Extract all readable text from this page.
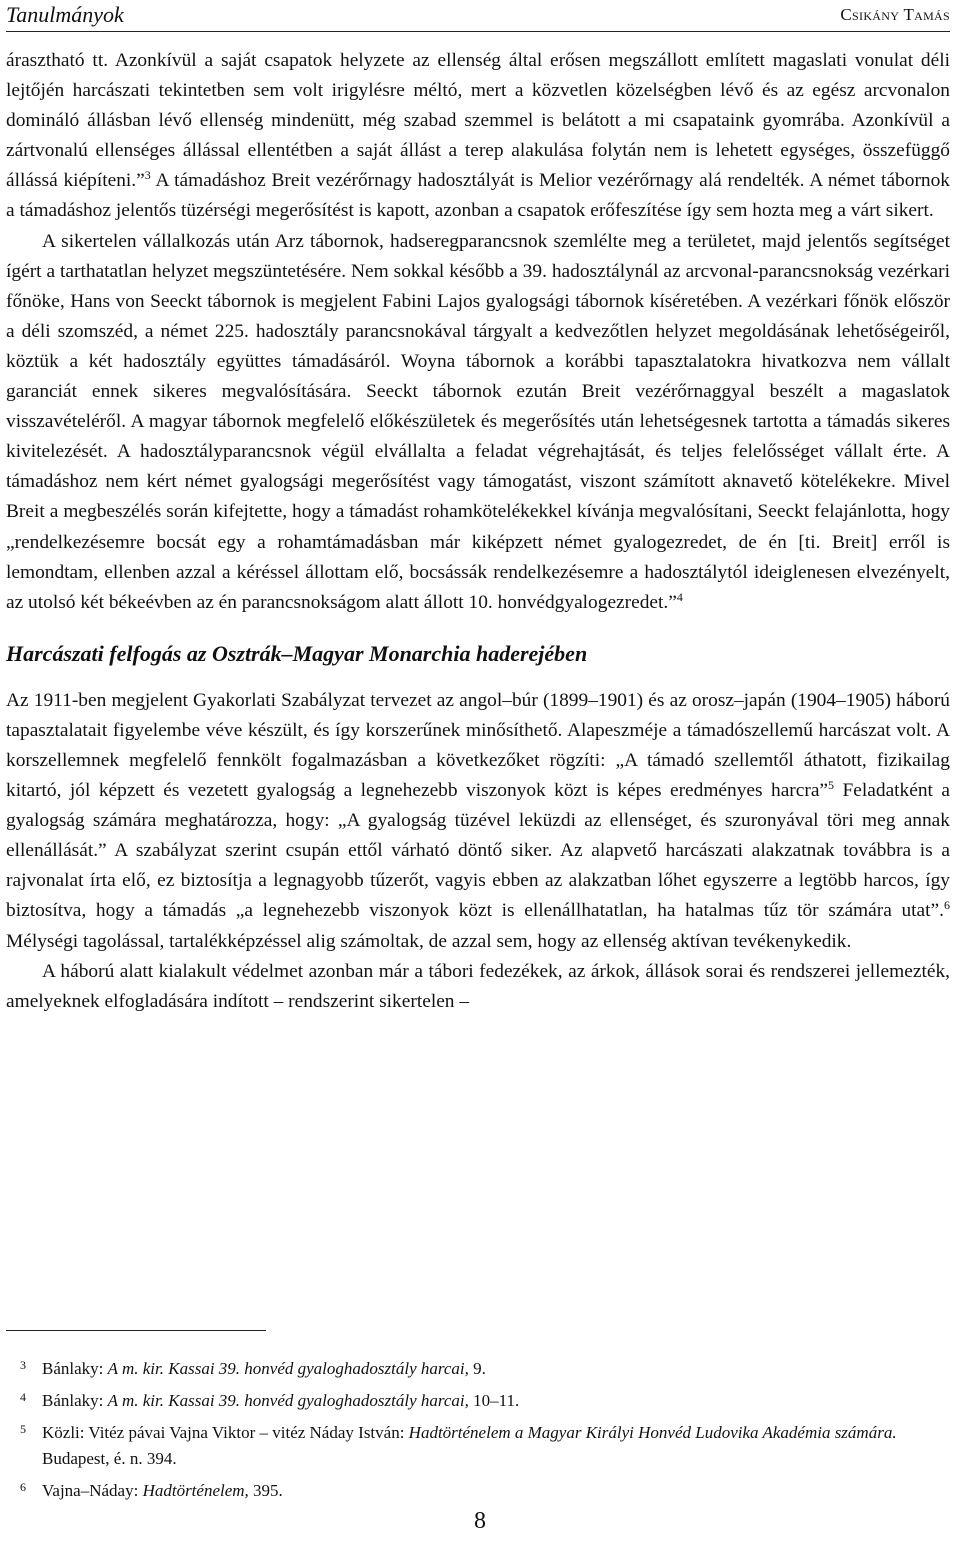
Tanulmányok	Csikány Tamás

árasztható tt. Azonkívül a saját csapatok helyzete az ellenség által erősen megszállott említett magaslati vonulat déli lejtőjén harcászati tekintetben sem volt irigylésre méltó, mert a közvetlen közelségben lévő és az egész arcvonalon domináló állásban lévő ellenség mindenütt, még szabad szemmel is belátott a mi csapataink gyomrába. Azonkívül a zártvonalú ellenséges állással ellentétben a saját állást a terep alakulása folytán nem is lehetett egységes, összefüggő állássá kiépíteni.”$^3$ A támadáshoz Breit vezérőrnagy hadosztályát is Melior vezérőrnagy alá rendelték. A német tábornok a támadáshoz jelentős tüzérségi megerősítést is kapott, azonban a csapatok erőfeszítése így sem hozta meg a várt sikert.

A sikertelen vállalkozás után Arz tábornok, hadseregparancsnok szemlélte meg a területet, majd jelentős segítséget ígért a tarthatatlan helyzet megszüntetésére. Nem sokkal később a 39. hadosztálynál az arcvonal-parancsnokság vezérkari főnöke, Hans von Seeckt tábornok is megjelent Fabini Lajos gyalogsági tábornok kíséretében. A vezérkari főnök először a déli szomszéd, a német 225. hadosztály parancsnokával tárgyalt a kedvezőtlen helyzet megoldásának lehetőségeiről, köztük a két hadosztály együttes támadásáról. Woyna tábornok a korábbi tapasztalatokra hivatkozva nem vállalt garanciát ennek sikeres megvalósítására. Seeckt tábornok ezután Breit vezérőrnaggyal beszélt a magaslatok visszavételéről. A magyar tábornok megfelelő előkészületek és megerősítés után lehetségesnek tartotta a támadás sikeres kivitelezését. A hadosztályparancsnok végül elvállalta a feladat végrehajtását, és teljes felelősséget vállalt érte. A támadáshoz nem kért német gyalogsági megerősítést vagy támogatást, viszont számított aknavető kötelékekre. Mivel Breit a megbeszélés során kifejtette, hogy a támadást rohamkötelékekkel kívánja megvalósítani, Seeckt felajánlotta, hogy „rendelkezésemre bocsát egy a rohamtámadásban már kiképzett német gyalogezredet, de én [ti. Breit] erről is lemondtam, ellenben azzal a kéréssel állottam elő, bocsássák rendelkezésemre a hadosztálytól ideiglenesen elvezényelt, az utolsó két békeévben az én parancsnokságom alatt állott 10. honvédgyalogezredet.”$^4$

Harcászati felfogás az Osztrák–Magyar Monarchia haderejében

Az 1911-ben megjelent Gyakorlati Szabályzat tervezet az angol–búr (1899–1901) és az orosz–japán (1904–1905) háború tapasztalatait figyelembe véve készült, és így korszerűnek minősíthető. Alapeszméje a támadószellemű harcászat volt. A korszellemnek megfelelő fennkölt fogalmazásban a következőket rögzíti: „A támadó szellemtől áthatott, fizikailag kitartó, jól képzett és vezetett gyalogság a legnehezebb viszonyok közt is képes eredményes harcra”$^5$ Feladatként a gyalogság számára meghatározza, hogy: „A gyalogság tüzével leküzdi az ellenséget, és szuronyával töri meg annak ellenállását.” A szabályzat szerint csupán ettől várható döntő siker. Az alapvető harcászati alakzatnak továbbra is a rajvonalat írta elő, ez biztosítja a legnagyobb tűzerőt, vagyis ebben az alakzatban lőhet egyszerre a legtöbb harcos, így biztosítva, hogy a támadás „a legnehezebb viszonyok közt is ellenállhatatlan, ha hatalmas tűz tör számára utat”.$^6$ Mélységi tagolással, tartalékképzéssel alig számoltak, de azzal sem, hogy az ellenség aktívan tevékenykedik.

A háború alatt kialakult védelmet azonban már a tábori fedezékek, az árkok, állások sorai és rendszerei jellemezték, amelyeknek elfogladására indított – rendszerint sikertelen –

3 Bánlaky: A m. kir. Kassai 39. honvéd gyaloghadosztály harcai, 9.
4 Bánlaky: A m. kir. Kassai 39. honvéd gyaloghadosztály harcai, 10–11.
5 Közli: Vitéz pávai Vajna Viktor – vitéz Náday István: Hadtörténelem a Magyar Királyi Honvéd Ludovika Akadémia számára. Budapest, é. n. 394.
6 Vajna–Náday: Hadtörténelem, 395.
8
